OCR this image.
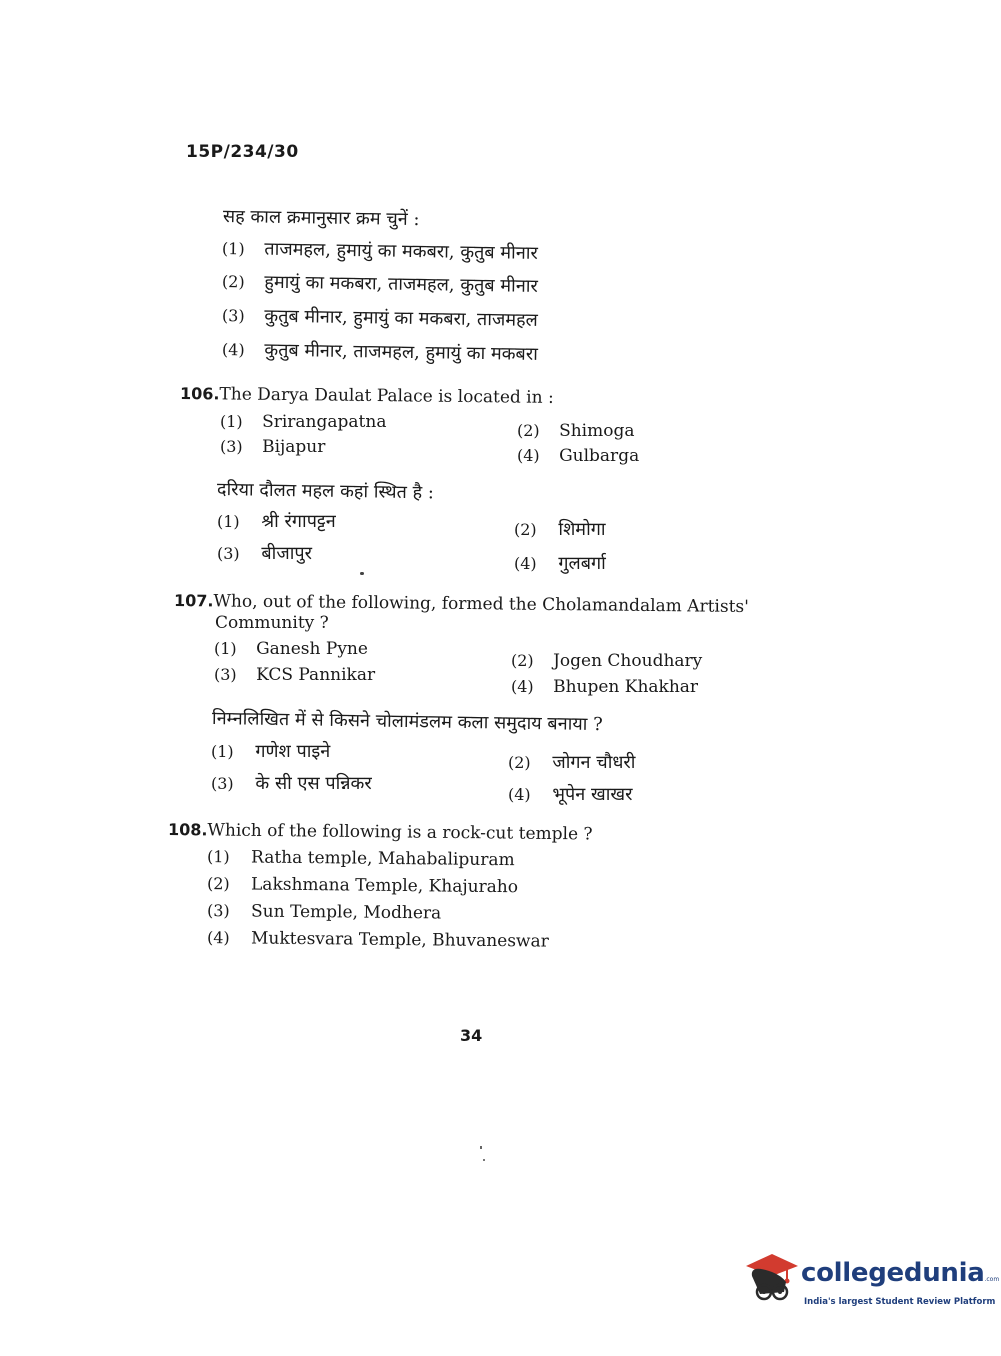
15P/234/30
सह काल क्रमानुसार क्रम चुनें :
(1) ताजमहल, हुमायुं का मकबरा, कुतुब मीनार
(2) हुमायुं का मकबरा, ताजमहल, कुतुब मीनार
(3) कुतुब मीनार, हुमायुं का मकबरा, ताजमहल
(4) कुतुब मीनार, ताजमहल, हुमायुं का मकबरा
106.The Darya Daulat Palace is located in :
(1) Srirangapatna	(2) Shimoga
(3) Bijapur	(4) Gulbarga
दरिया दौलत महल कहां स्थित है :
(1) श्री रंगापट्टन	(2) शिमोगा
(3) बीजापुर	(4) गुलबर्गा
107.Who, out of the following, formed the Cholamandalam Artists'
Community ?
(1) Ganesh Pyne
(2) Jogen Choudhary
(3) KCS Pannikar
(4) Bhupen Khakhar
निम्नलिखित में से किसने चोलामंडलम कला समुदाय बनाया ?
(1) गणेश पाइने
(2) जोगन चौधरी
(3) के सी एस पन्निकर
(4) भूपेन खाखर
108.Which of the following is a rock-cut temple ?
(1) Ratha temple, Mahabalipuram
(2) Lakshmana Temple, Khajuraho
(3) Sun Temple, Modhera
(4) Muktesvara Temple, Bhuvaneswar
34
collegedunia.com
India's largest Student Review Platform
